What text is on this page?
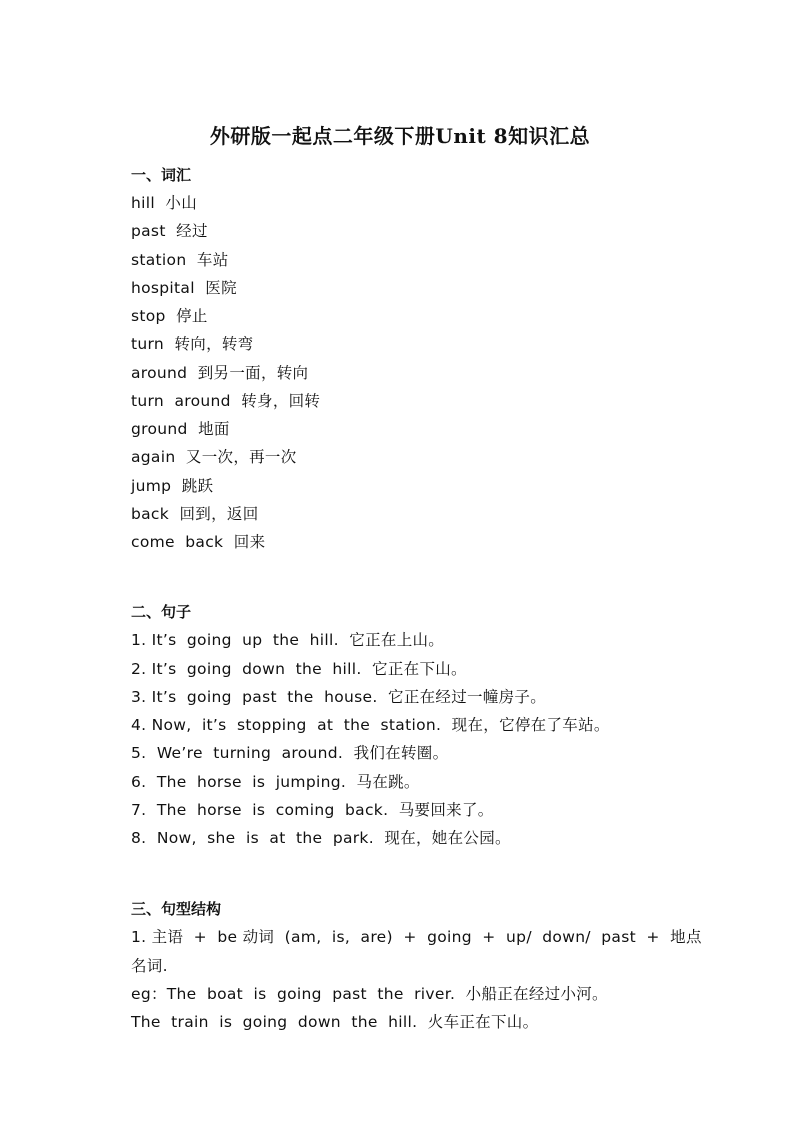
外研版一起点二年级下册Unit 8知识汇总
一、词汇
hill  小山
past  经过
station  车站
hospital  医院
stop  停止
turn  转向，转弯
around  到另一面，转向
turn  around  转身，回转
ground  地面
again  又一次，再一次
jump  跳跃
back  回到，返回
come  back  回来
二、句子
1. It’s  going  up  the  hill.  它正在上山。
2. It’s  going  down  the  hill.  它正在下山。
3. It’s  going  past  the  house.  它正在经过一幢房子。
4. Now,  it’s  stopping  at  the  station.  现在，它停在了车站。
5.  We’re  turning  around.  我们在转圈。
6.  The  horse  is  jumping.  马在跳。
7.  The  horse  is  coming  back.  马要回来了。
8.  Now,  she  is  at  the  park.  现在，她在公园。
三、句型结构
1. 主语  +  be 动词  (am,  is,  are)  +  going  +  up/  down/  past  +  地点
名词.
eg：The  boat  is  going  past  the  river.  小船正在经过小河。
The  train  is  going  down  the  hill.  火车正在下山。
